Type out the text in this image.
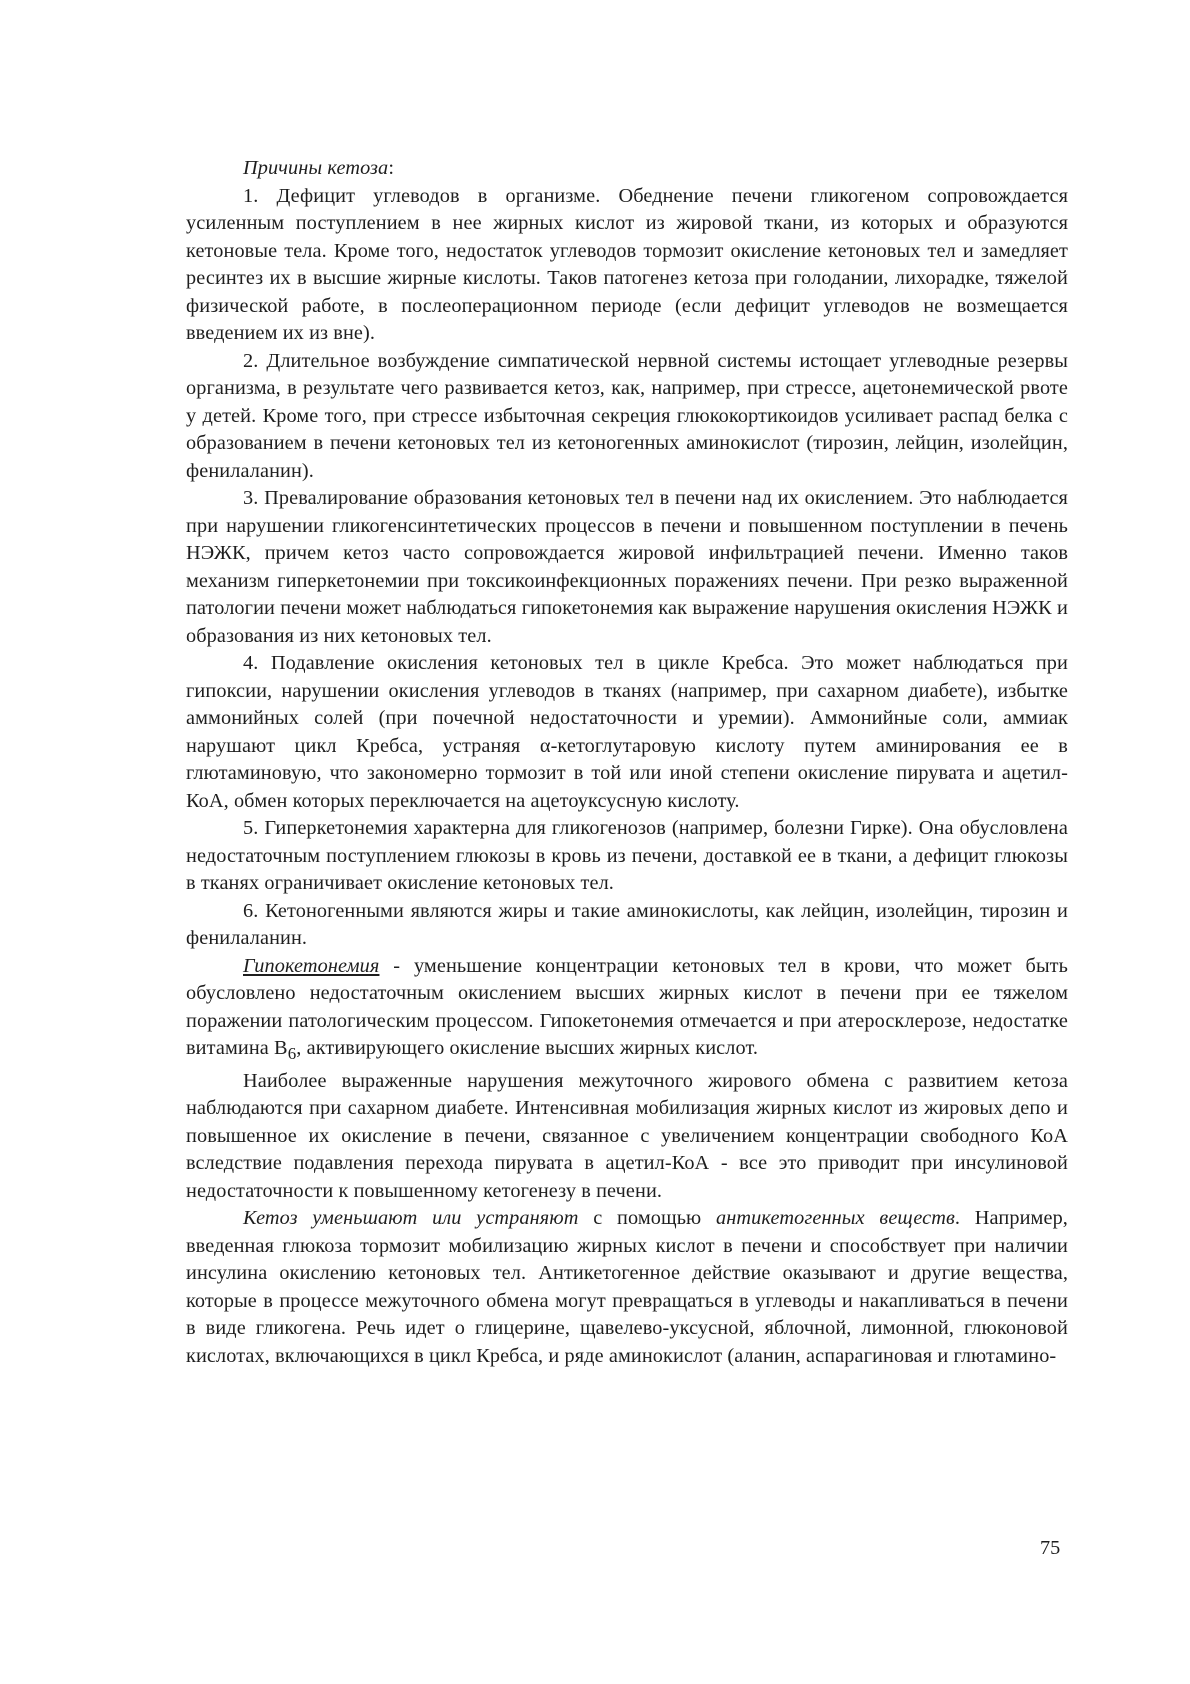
Причины кетоза:

1. Дефицит углеводов в организме. Обеднение печени гликогеном сопровождается усиленным поступлением в нее жирных кислот из жировой ткани, из которых и образуются кетоновые тела. Кроме того, недостаток углеводов тормозит окисление кетоновых тел и замедляет ресинтез их в высшие жирные кислоты. Таков патогенез кетоза при голодании, лихорадке, тяжелой физической работе, в послеоперационном периоде (если дефицит углеводов не возмещается введением их из вне).

2. Длительное возбуждение симпатической нервной системы истощает углеводные резервы организма, в результате чего развивается кетоз, как, например, при стрессе, ацетонемической рвоте у детей. Кроме того, при стрессе избыточная секреция глюкокортикоидов усиливает распад белка с образованием в печени кетоновых тел из кетоногенных аминокислот (тирозин, лейцин, изолейцин, фенилаланин).

3. Превалирование образования кетоновых тел в печени над их окислением. Это наблюдается при нарушении гликогенсинтетических процессов в печени и повышенном поступлении в печень НЭЖК, причем кетоз часто сопровождается жировой инфильтрацией печени. Именно таков механизм гиперкетонемии при токсикоинфекционных поражениях печени. При резко выраженной патологии печени может наблюдаться гипокетонемия как выражение нарушения окисления НЭЖК и образования из них кетоновых тел.

4. Подавление окисления кетоновых тел в цикле Кребса. Это может наблюдаться при гипоксии, нарушении окисления углеводов в тканях (например, при сахарном диабете), избытке аммонийных солей (при почечной недостаточности и уремии). Аммонийные соли, аммиак нарушают цикл Кребса, устраняя α-кетоглутаровую кислоту путем аминирования ее в глютаминовую, что закономерно тормозит в той или иной степени окисление пирувата и ацетил-КоА, обмен которых переключается на ацетоуксусную кислоту.

5. Гиперкетонемия характерна для гликогенозов (например, болезни Гирке). Она обусловлена недостаточным поступлением глюкозы в кровь из печени, доставкой ее в ткани, а дефицит глюкозы в тканях ограничивает окисление кетоновых тел.

6. Кетоногенными являются жиры и такие аминокислоты, как лейцин, изолейцин, тирозин и фенилаланин.

Гипокетонемия - уменьшение концентрации кетоновых тел в крови, что может быть обусловлено недостаточным окислением высших жирных кислот в печени при ее тяжелом поражении патологическим процессом. Гипокетонемия отмечается и при атеросклерозе, недостатке витамина $В_6$, активирующего окисление высших жирных кислот.

Наиболее выраженные нарушения межуточного жирового обмена с развитием кетоза наблюдаются при сахарном диабете. Интенсивная мобилизация жирных кислот из жировых депо и повышенное их окисление в печени, связанное с увеличением концентрации свободного КоА вследствие подавления перехода пирувата в ацетил-КоА - все это приводит при инсулиновой недостаточности к повышенному кетогенезу в печени.

Кетоз уменьшают или устраняют с помощью антикетогенных веществ. Например, введенная глюкоза тормозит мобилизацию жирных кислот в печени и способствует при наличии инсулина окислению кетоновых тел. Антикетогенное действие оказывают и другие вещества, которые в процессе межуточного обмена могут превращаться в углеводы и накапливаться в печени в виде гликогена. Речь идет о глицерине, щавелево-уксусной, яблочной, лимонной, глюконовой кислотах, включающихся в цикл Кребса, и ряде аминокислот (аланин, аспарагиновая и глютамино-

75
